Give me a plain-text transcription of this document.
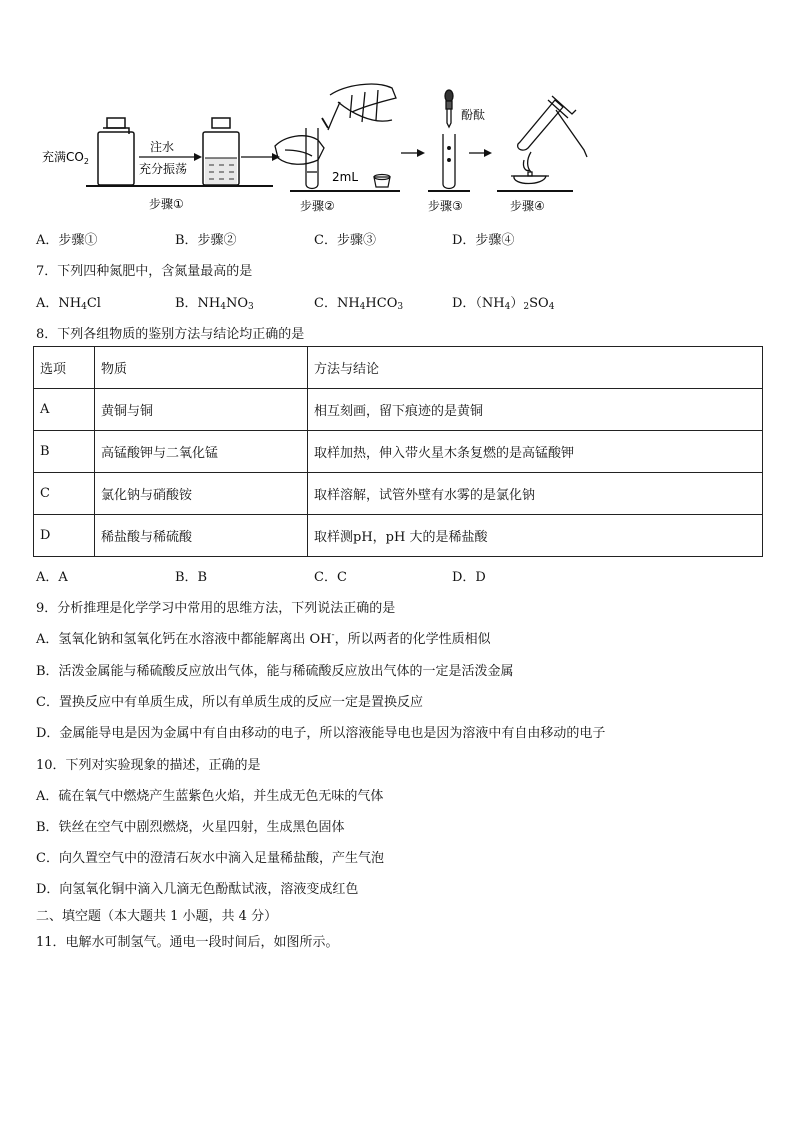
充满$CO_2$
注水
充分振荡
步骤①
2mL
步骤②
酚酞
步骤③	步骤④
A．步骤①	B．步骤②	C．步骤③	D．步骤④
7．下列四种氮肥中，含氮量最高的是
A．$NH_4Cl$	B．$NH_4NO_3$	C．$NH_4HCO_3$	D．$(NH_4)_2SO_4$
8．下列各组物质的鉴别方法与结论均正确的是
选项	物质	方法与结论
A	黄铜与铜	相互刻画，留下痕迹的是黄铜
B	高锰酸钾与二氧化锰	取样加热，伸入带火星木条复燃的是高锰酸钾
C	氯化钠与硝酸铵	取样溶解，试管外壁有水雾的是氯化钠
D	稀盐酸与稀硫酸	取样测pH，pH 大的是稀盐酸
A．A	B．B	C．C	D．D
9．分析推理是化学学习中常用的思维方法，下列说法正确的是
A．氢氧化钠和氢氧化钙在水溶液中都能解离出 OH-，所以两者的化学性质相似
B．活泼金属能与稀硫酸反应放出气体，能与稀硫酸反应放出气体的一定是活泼金属
C．置换反应中有单质生成，所以有单质生成的反应一定是置换反应
D．金属能导电是因为金属中有自由移动的电子，所以溶液能导电也是因为溶液中有自由移动的电子
10．下列对实验现象的描述，正确的是
A．硫在氧气中燃烧产生蓝紫色火焰，并生成无色无味的气体
B．铁丝在空气中剧烈燃烧，火星四射，生成黑色固体
C．向久置空气中的澄清石灰水中滴入足量稀盐酸，产生气泡
D．向氢氧化铜中滴入几滴无色酚酞试液，溶液变成红色
二、填空题（本大题共 1 小题，共 4 分）
11．电解水可制氢气。通电一段时间后，如图所示。
